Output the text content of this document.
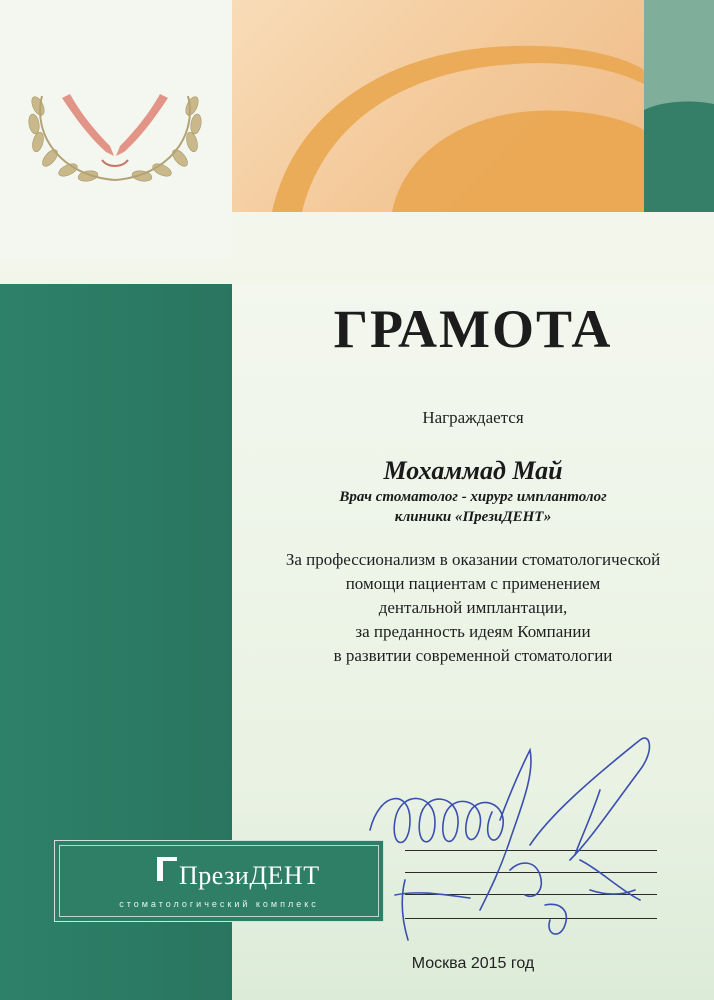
ГРАМОТА
Награждается
Мохаммад Май
Врач стоматолог - хирург имплантолог
клиники «ПрезиДЕНТ»
За профессионализм в оказании стоматологической
помощи пациентам с применением
дентальной имплантации,
за преданность идеям Компании
в развитии современной стоматологии
ПрезиДЕНТ
стоматологический комплекс
Москва 2015 год
